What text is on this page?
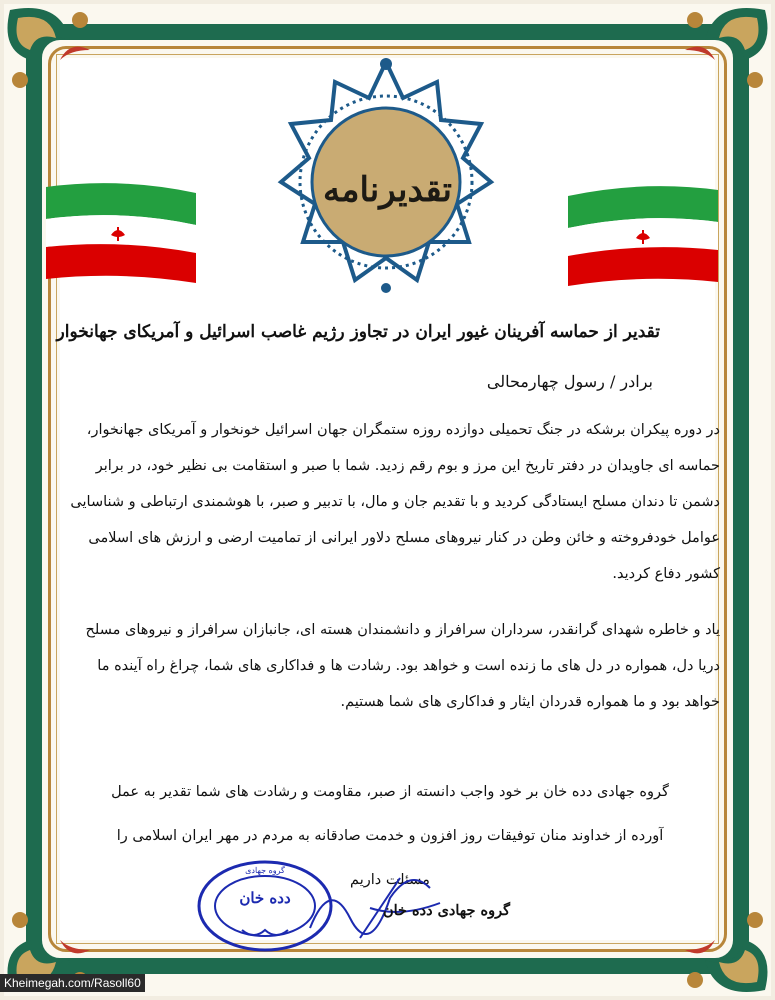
تقدیرنامه
تقدیر از حماسه آفرینان غیور ایران در تجاوز رژیم غاصب اسرائیل و آمریکای جهانخوار
برادر / رسول چهارمحالی
در دوره پیکران برشکه در جنگ تحمیلی دوازده روزه ستمگران جهان اسرائیل خونخوار و آمریکای جهانخوار، حماسه ای جاویدان در دفتر تاریخ این مرز و بوم رقم زدید. شما با صبر و استقامت بی نظیر خود، در برابر دشمن تا دندان مسلح ایستادگی کردید و با تقدیم جان و مال، با تدبیر و صبر، با هوشمندی ارتباطی و شناسایی عوامل خودفروخته و خائن وطن در کنار نیروهای مسلح دلاور ایرانی از تمامیت ارضی و ارزش های اسلامی کشور دفاع کردید.
یاد و خاطره شهدای گرانقدر، سرداران سرافراز و دانشمندان هسته ای، جانبازان سرافراز و نیروهای مسلح دریا دل، همواره در دل های ما زنده است و خواهد بود. رشادت ها و فداکاری های شما، چراغ راه آینده ما خواهد بود و ما همواره قدردان ایثار و فداکاری های شما هستیم.
گروه جهادی دده خان بر خود واجب دانسته از صبر، مقاومت و رشادت های شما تقدیر به عمل آورده از خداوند منان توفیقات روز افزون و خدمت صادقانه به مردم در مهر ایران اسلامی را مسئلت داریم
گروه جهادی
دده خان
گروه جهادی دده خان
Kheimegah.com/Rasoll60
